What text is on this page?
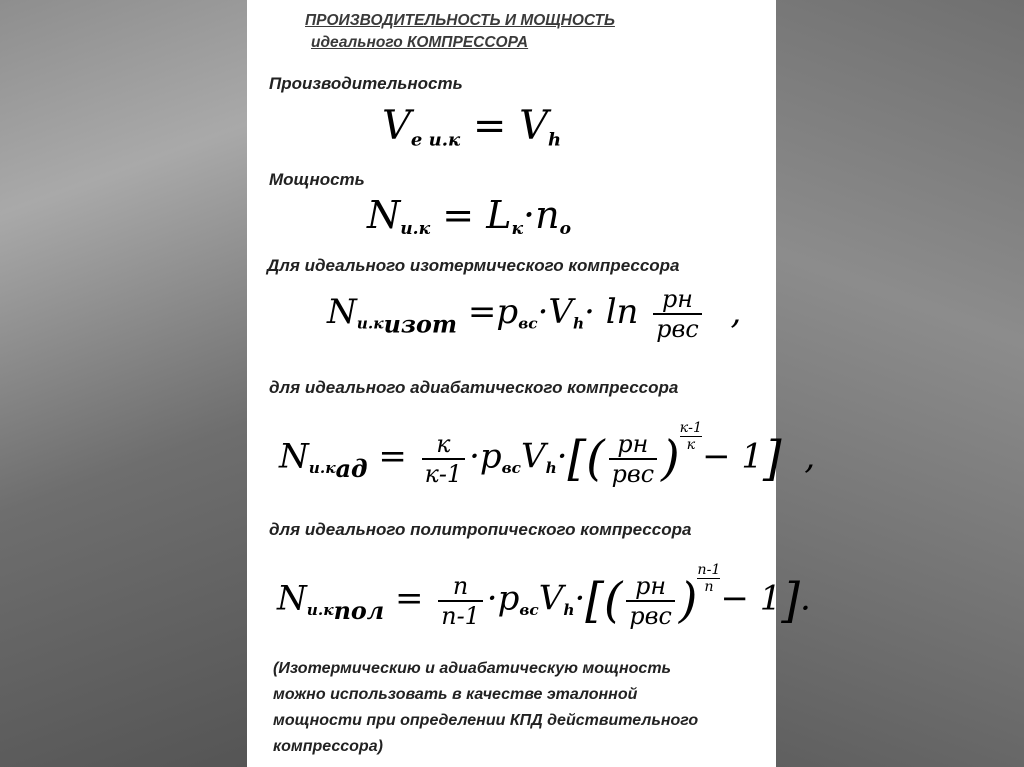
ПРОИЗВОДИТЕЛЬНОСТЬ И МОЩНОСТЬ
идеального КОМПРЕССОРА
Производительность
$V_{e и.к} = V_h$
Мощность
$N_{и.к} = L_к\cdot n_o$
Для идеального изотермического компрессора
$N_{и.кизот} =p_{вс}\cdot V_h\cdot \ln \frac{pн}{\text{pвс}}$ ,
для идеального адиабатического компрессора
$N_{и.кад} = \frac{к}{к-1} \cdot p_{вс}V_h\cdot[( \frac{pн}{\text{pвс}}$ ) $\frac{к-1}{к}$
− 1] ,
для идеального политропического компрессора
$N_{и.кпол} = \frac{n}{n-1} \cdot p_{вс}V_h\cdot[( \frac{pн}{\text{pвс}}$ ) $\frac{n-1}{n}$
− 1].
(Изотермическию и адиабатическую мощность
можно использовать в качестве эталонной
мощности при определении КПД действительного
компрессора)
